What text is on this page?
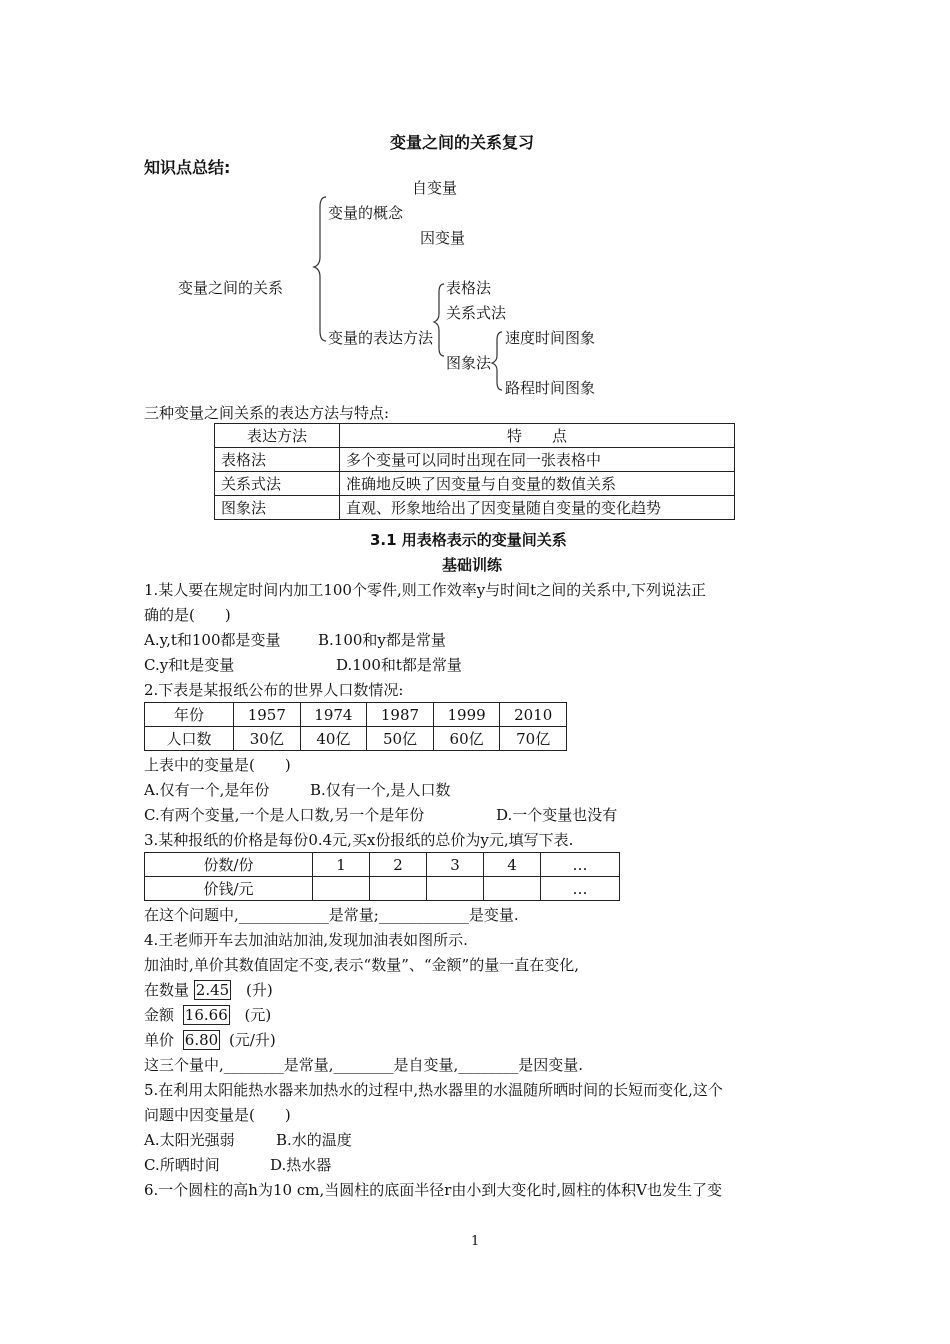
变量之间的关系复习
知识点总结:
自变量
变量的概念
因变量
变量之间的关系	表格法
关系式法
变量的表达方法	速度时间图象
图象法
路程时间图象
三种变量之间关系的表达方法与特点:
表达方法	特　　点
表格法	多个变量可以同时出现在同一张表格中
关系式法	准确地反映了因变量与自变量的数值关系
图象法	直观、形象地给出了因变量随自变量的变化趋势
3.1 用表格表示的变量间关系
基础训练
1.某人要在规定时间内加工100个零件,则工作效率y与时间t之间的关系中,下列说法正
确的是(　　)
A.y,t和100都是变量 B.100和y都是常量
C.y和t是变量	D.100和t都是常量
2.下表是某报纸公布的世界人口数情况:
年份	1957	1974	1987	1999	2010
人口数	30亿	40亿	50亿	60亿	70亿
上表中的变量是(　　)
A.仅有一个,是年份	B.仅有一个,是人口数
C.有两个变量,一个是人口数,另一个是年份	D.一个变量也没有
3.某种报纸的价格是每份0.4元,买x份报纸的总价为y元,填写下表.
份数/份	1	2	3	4	…
价钱/元					…
在这个问题中,____________是常量;____________是变量.
4.王老师开车去加油站加油,发现加油表如图所示.
加油时,单价其数值固定不变,表示“数量”、“金额”的量一直在变化,
在数量 2.45 (升)
金额 16.66 (元)
单价 6.80 (元/升)
这三个量中,________是常量,________是自变量,________是因变量.
5.在利用太阳能热水器来加热水的过程中,热水器里的水温随所晒时间的长短而变化,这个
问题中因变量是(　　)
A.太阳光强弱	B.水的温度
C.所晒时间	D.热水器
6.一个圆柱的高h为10 cm,当圆柱的底面半径r由小到大变化时,圆柱的体积V也发生了变
1
